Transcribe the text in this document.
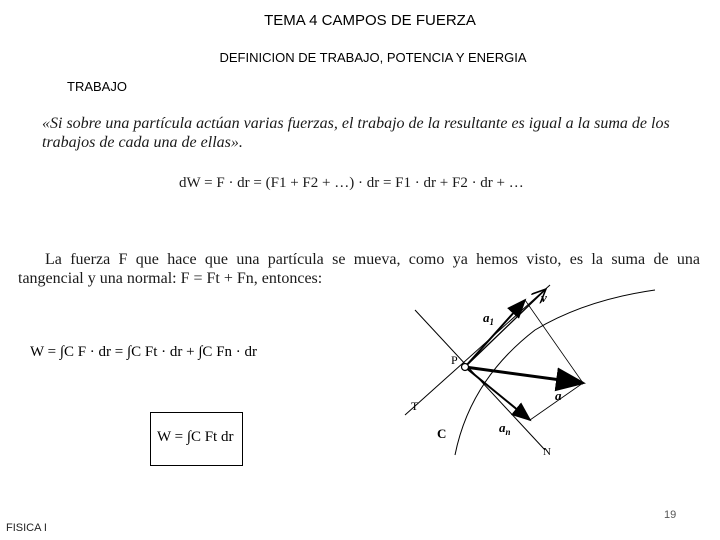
TEMA 4 CAMPOS DE FUERZA
DEFINICION DE TRABAJO, POTENCIA Y ENERGIA
TRABAJO
«Si sobre una partícula actúan varias fuerzas, el trabajo de la resultante es igual a la suma de los trabajos de cada una de ellas».
dW = F · dr = (F1 + F2 + …) · dr = F1 · dr + F2 · dr + …
La fuerza F que hace que una partícula se mueva, como ya hemos visto, es la suma de una
tangencial y una normal: F = Ft + Fn, entonces:
W = ∫C F · dr = ∫C Ft · dr + ∫C Fn · dr
W = ∫C Ft dr
P
T
C
N
v
a
$a_1$
$a_n$
FISICA I
19
